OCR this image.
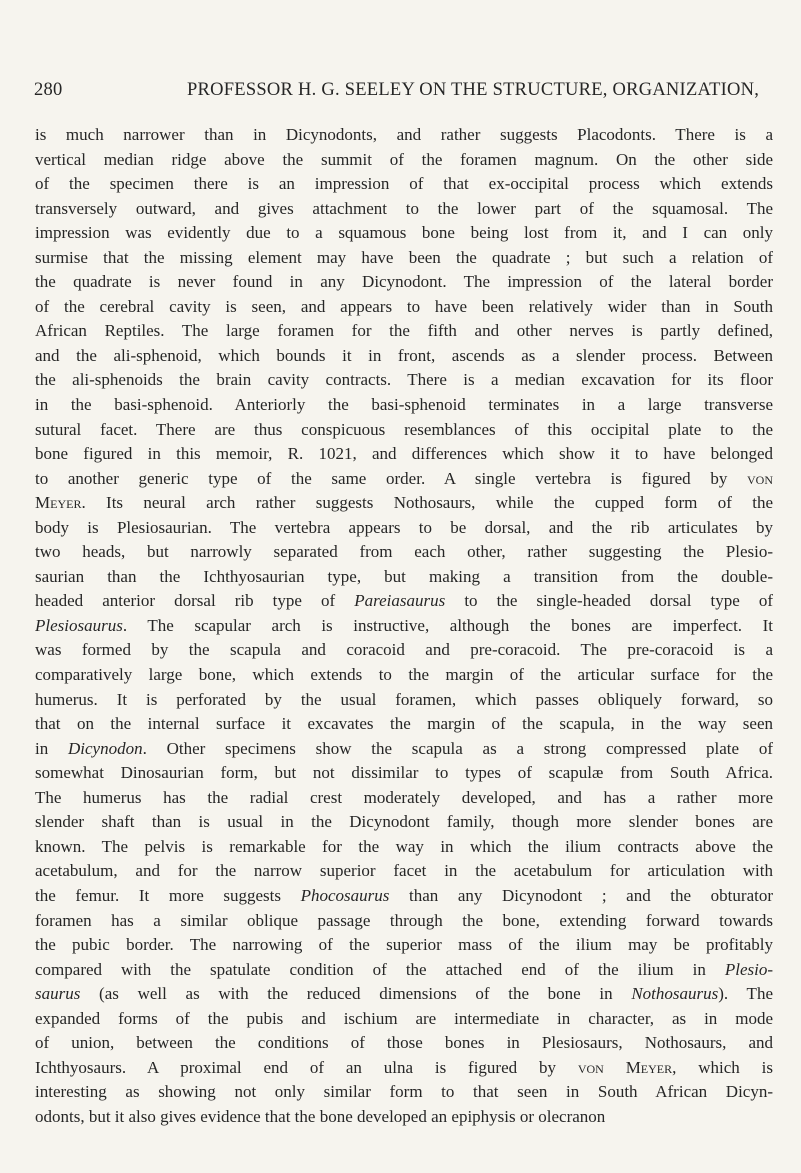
280	PROFESSOR H. G. SEELEY ON THE STRUCTURE, ORGANIZATION,
is much narrower than in Dicynodonts, and rather suggests Placodonts. There is a
vertical median ridge above the summit of the foramen magnum. On the other side
of the specimen there is an impression of that ex-occipital process which extends
transversely outward, and gives attachment to the lower part of the squamosal. The
impression was evidently due to a squamous bone being lost from it, and I can only
surmise that the missing element may have been the quadrate ; but such a relation of
the quadrate is never found in any Dicynodont. The impression of the lateral border
of the cerebral cavity is seen, and appears to have been relatively wider than in South
African Reptiles. The large foramen for the fifth and other nerves is partly defined,
and the ali-sphenoid, which bounds it in front, ascends as a slender process. Between
the ali-sphenoids the brain cavity contracts. There is a median excavation for its floor
in the basi-sphenoid. Anteriorly the basi-sphenoid terminates in a large transverse
sutural facet. There are thus conspicuous resemblances of this occipital plate to the
bone figured in this memoir, R. 1021, and differences which show it to have belonged
to another generic type of the same order. A single vertebra is figured by von
Meyer. Its neural arch rather suggests Nothosaurs, while the cupped form of the
body is Plesiosaurian. The vertebra appears to be dorsal, and the rib articulates by
two heads, but narrowly separated from each other, rather suggesting the Plesio-
saurian than the Ichthyosaurian type, but making a transition from the double-
headed anterior dorsal rib type of Pareiasaurus to the single-headed dorsal type of
Plesiosaurus. The scapular arch is instructive, although the bones are imperfect. It
was formed by the scapula and coracoid and pre-coracoid. The pre-coracoid is a
comparatively large bone, which extends to the margin of the articular surface for the
humerus. It is perforated by the usual foramen, which passes obliquely forward, so
that on the internal surface it excavates the margin of the scapula, in the way seen
in Dicynodon. Other specimens show the scapula as a strong compressed plate of
somewhat Dinosaurian form, but not dissimilar to types of scapulæ from South Africa.
The humerus has the radial crest moderately developed, and has a rather more
slender shaft than is usual in the Dicynodont family, though more slender bones are
known. The pelvis is remarkable for the way in which the ilium contracts above the
acetabulum, and for the narrow superior facet in the acetabulum for articulation with
the femur. It more suggests Phocosaurus than any Dicynodont ; and the obturator
foramen has a similar oblique passage through the bone, extending forward towards
the pubic border. The narrowing of the superior mass of the ilium may be profitably
compared with the spatulate condition of the attached end of the ilium in Plesio-
saurus (as well as with the reduced dimensions of the bone in Nothosaurus). The
expanded forms of the pubis and ischium are intermediate in character, as in mode
of union, between the conditions of those bones in Plesiosaurs, Nothosaurs, and
Ichthyosaurs. A proximal end of an ulna is figured by von Meyer, which is
interesting as showing not only similar form to that seen in South African Dicyn-
odonts, but it also gives evidence that the bone developed an epiphysis or olecranon
